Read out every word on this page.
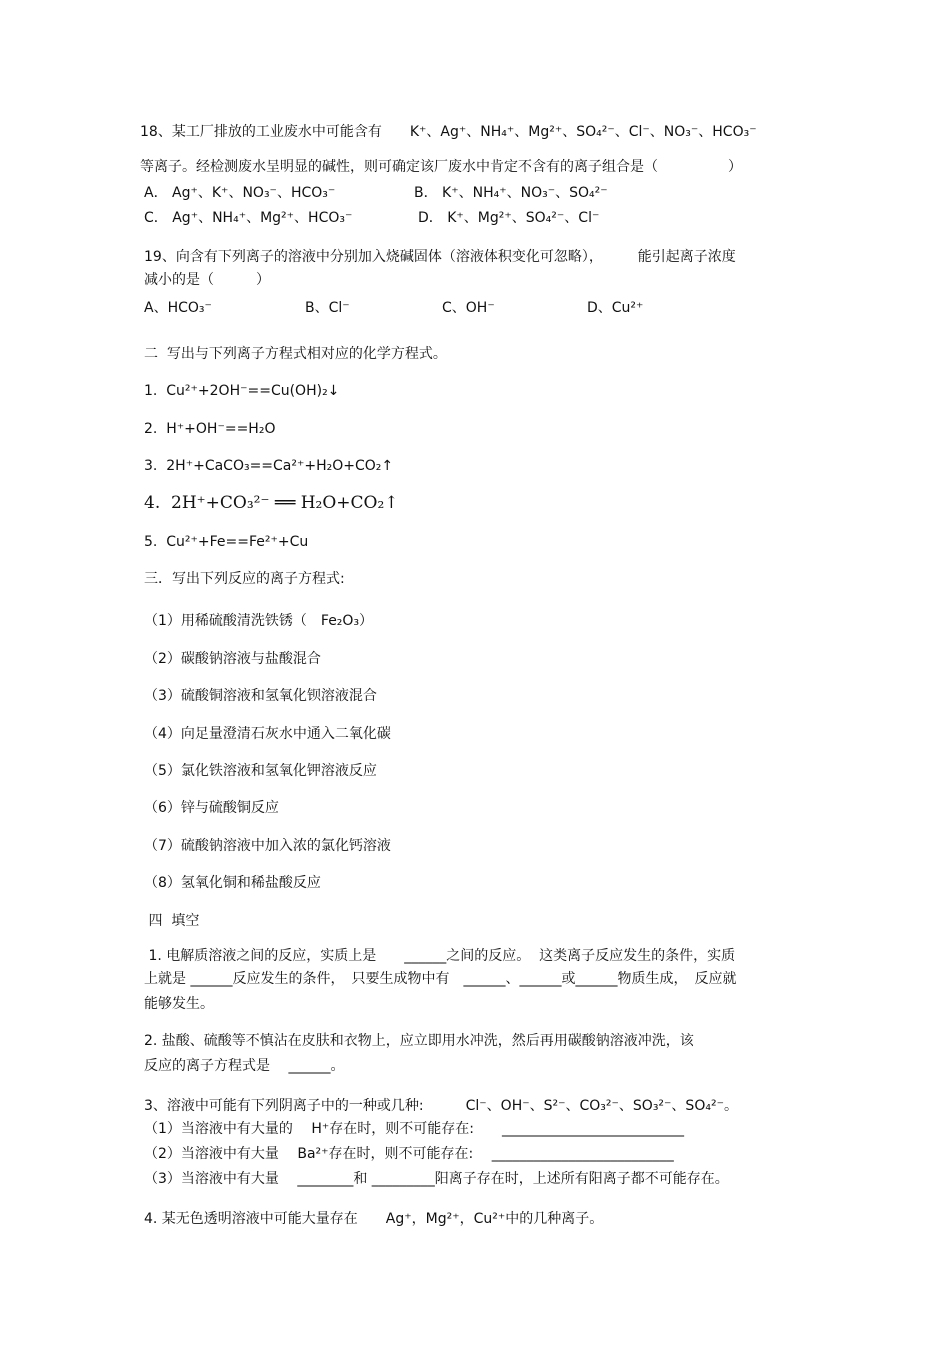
18、某工厂排放的工业废水中可能含有　　K⁺、Ag⁺、NH₄⁺、Mg²⁺、SO₄²⁻、Cl⁻、NO₃⁻、HCO₃⁻
等离子。经检测废水呈明显的碱性，则可确定该厂废水中肯定不含有的离子组合是（　　　　　）
A． Ag⁺、K⁺、NO₃⁻、HCO₃⁻	B． K⁺、NH₄⁺、NO₃⁻、SO₄²⁻
C． Ag⁺、NH₄⁺、Mg²⁺、HCO₃⁻	D． K⁺、Mg²⁺、SO₄²⁻、Cl⁻
19、向含有下列离子的溶液中分别加入烧碱固体（溶液体积变化可忽略），　　　能引起离子浓度
减小的是（　　　）
A、HCO₃⁻	B、Cl⁻	C、OH⁻	D、Cu²⁺
二  写出与下列离子方程式相对应的化学方程式。
1.  Cu²⁺+2OH⁻==Cu(OH)₂↓
2.  H⁺+OH⁻==H₂O
3.  2H⁺+CaCO₃==Ca²⁺+H₂O+CO₂↑
4.  2H⁺+CO₃²⁻ ══ H₂O+CO₂↑
5.  Cu²⁺+Fe==Fe²⁺+Cu
三．写出下列反应的离子方程式:
（1）用稀硫酸清洗铁锈（　Fe₂O₃）
（2）碳酸钠溶液与盐酸混合
（3）硫酸铜溶液和氢氧化钡溶液混合
（4）向足量澄清石灰水中通入二氧化碳
（5）氯化铁溶液和氢氧化钾溶液反应
（6）锌与硫酸铜反应
（7）硫酸钠溶液中加入浓的氯化钙溶液
（8）氢氧化铜和稀盐酸反应
四  填空
1. 电解质溶液之间的反应，实质上是　　______之间的反应。  这类离子反应发生的条件，实质
上就是 ______反应发生的条件，　只要生成物中有　______、______或______物质生成，　反应就
能够发生。
2. 盐酸、硫酸等不慎沾在皮肤和衣物上，应立即用水冲洗，然后再用碳酸钠溶液冲洗，该
反应的离子方程式是　 ______。
3、溶液中可能有下列阴离子中的一种或几种:　　　Cl⁻、OH⁻、S²⁻、CO₃²⁻、SO₃²⁻、SO₄²⁻。
（1）当溶液中有大量的　 H⁺存在时，则不可能存在:　　__________________________
（2）当溶液中有大量　 Ba²⁺存在时，则不可能存在:　 __________________________
（3）当溶液中有大量　 ________和 _________阳离子存在时，上述所有阳离子都不可能存在。
4. 某无色透明溶液中可能大量存在　　Ag⁺，Mg²⁺，Cu²⁺中的几种离子。
